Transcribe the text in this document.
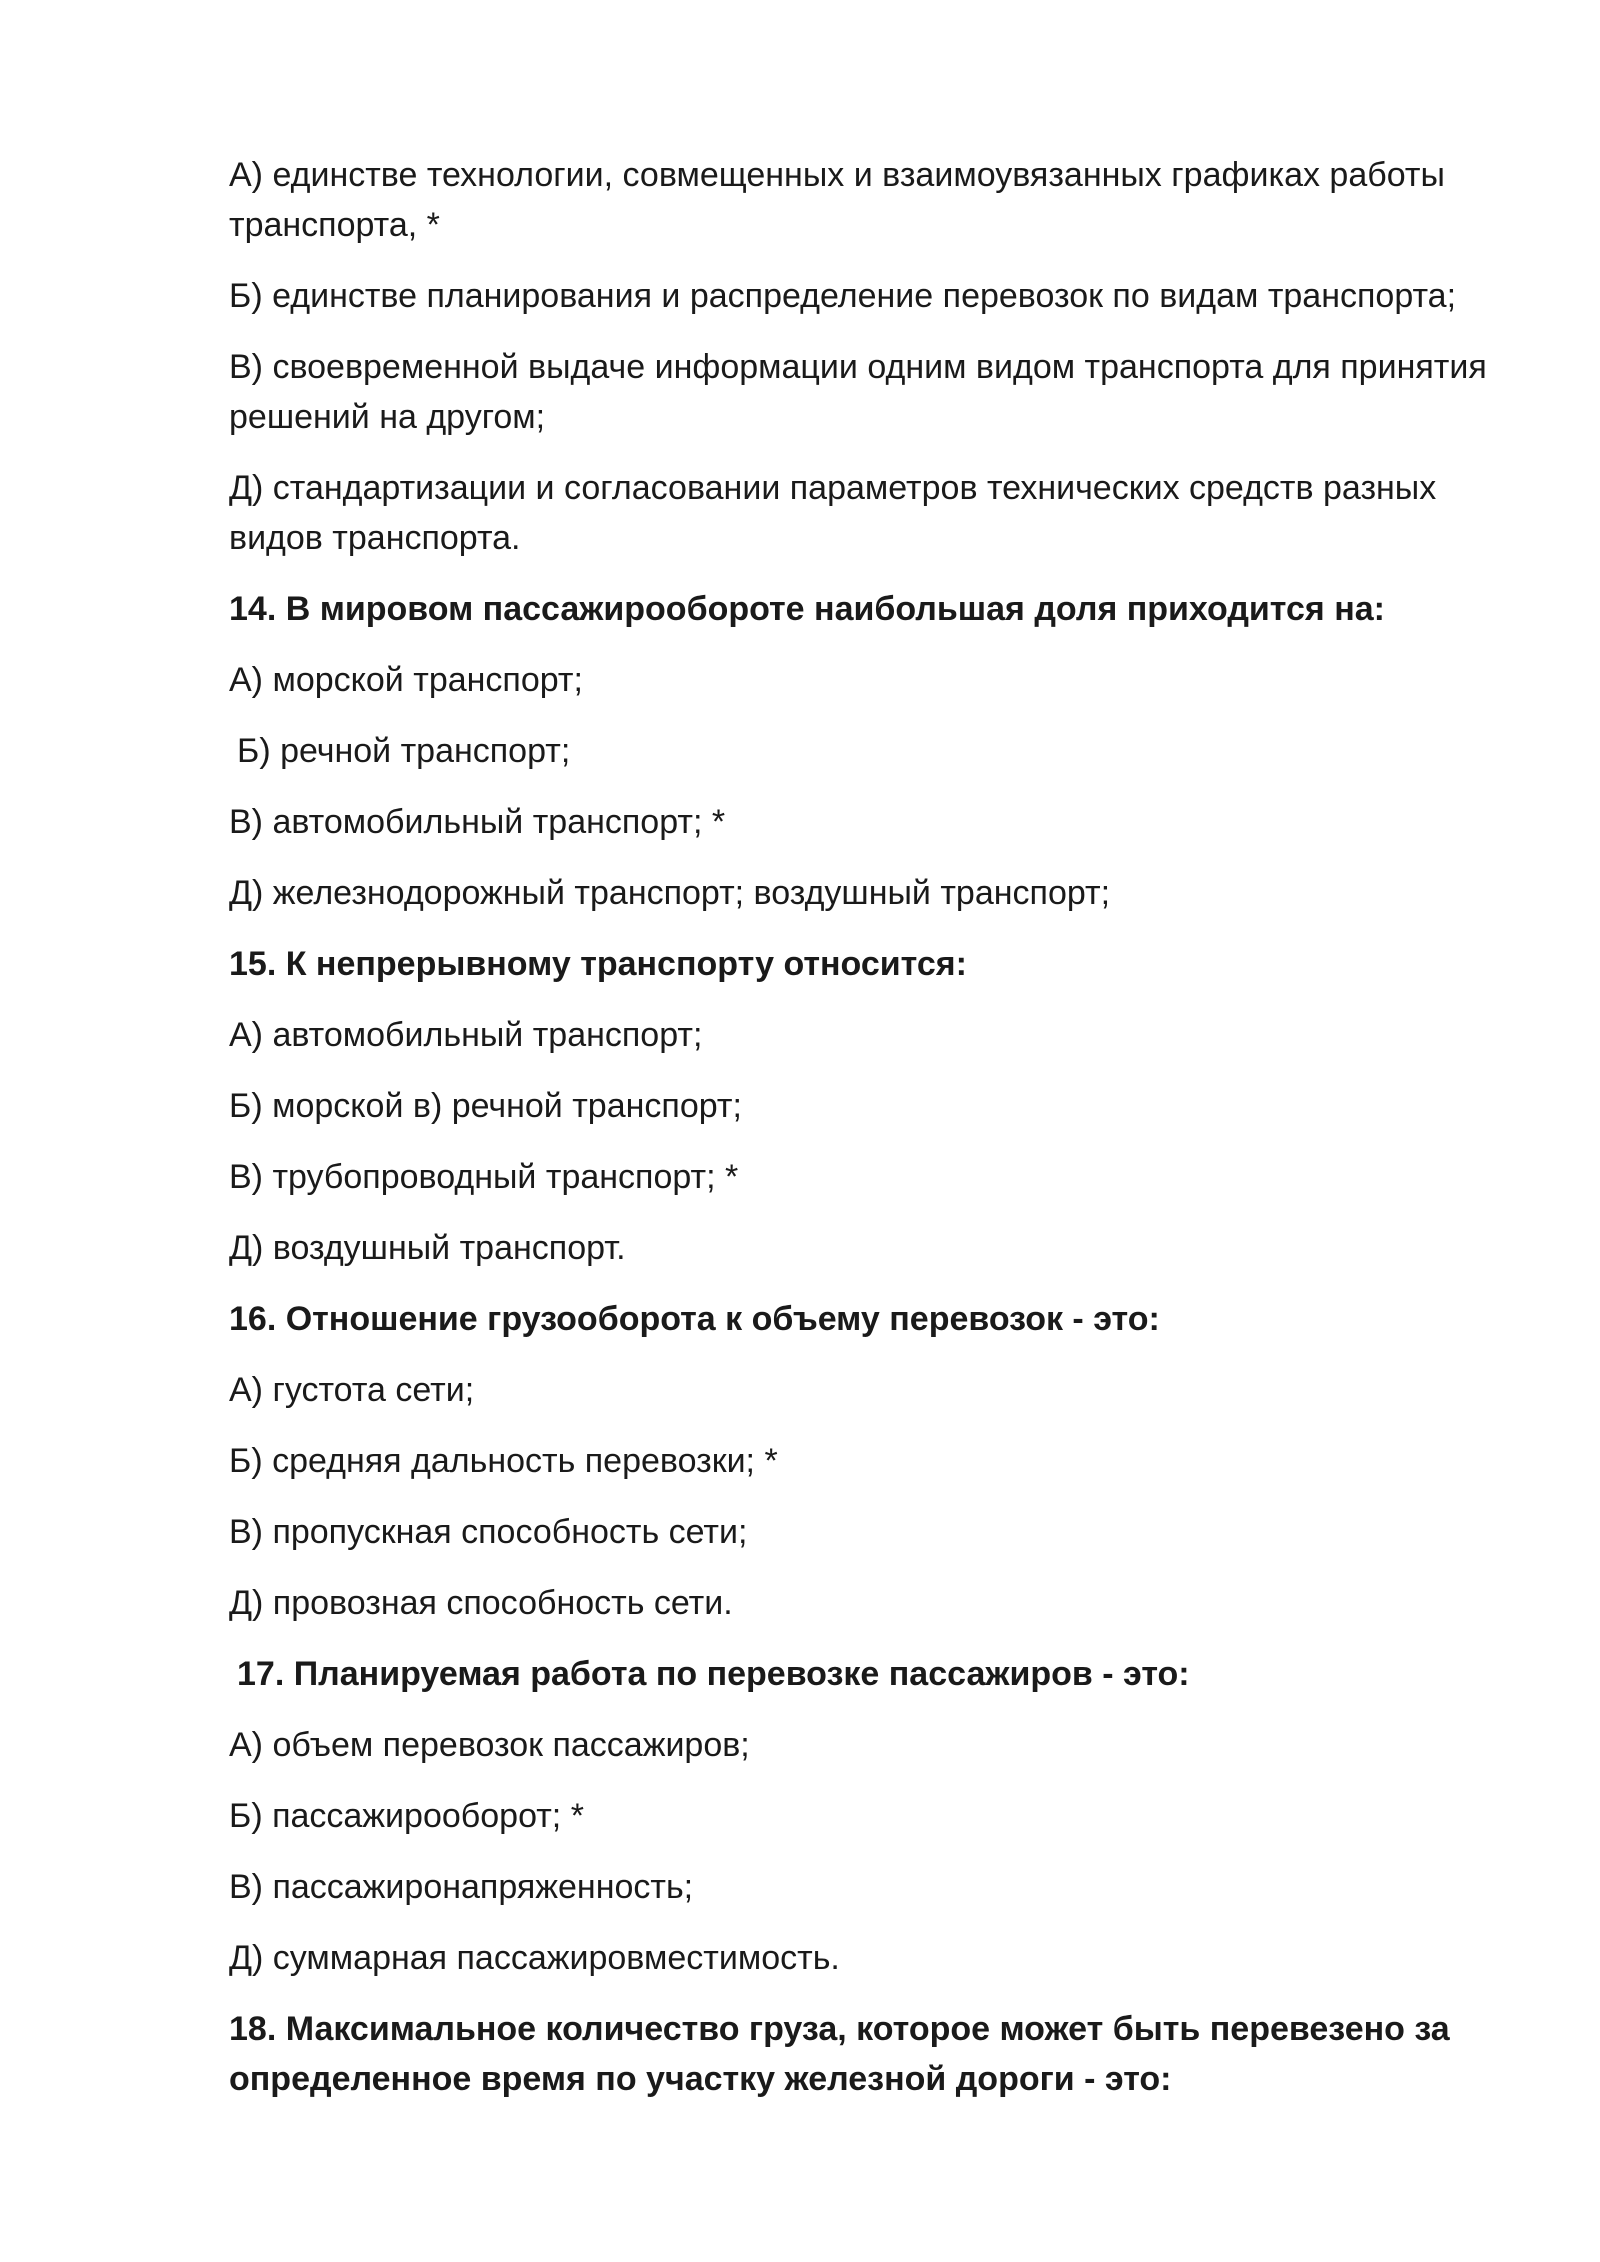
А) единстве технологии, совмещенных и взаимоувязанных графиках работы транспорта, *

Б) единстве планирования и распределение перевозок по видам транспорта;

В) своевременной выдаче информации одним видом транспорта для принятия решений на другом;

Д) стандартизации и согласовании параметров технических средств разных видов транспорта.

14. В мировом пассажирообороте наибольшая доля приходится на:

А) морской транспорт;

Б) речной транспорт;

В) автомобильный транспорт; *

Д) железнодорожный транспорт; воздушный транспорт;

15. К непрерывному транспорту относится:

А) автомобильный транспорт;

Б) морской в) речной транспорт;

В) трубопроводный транспорт; *

Д) воздушный транспорт.

16. Отношение грузооборота к объему перевозок - это:

А) густота сети;

Б) средняя дальность перевозки; *

В) пропускная способность сети;

Д) провозная способность сети.

17. Планируемая работа по перевозке пассажиров - это:

А) объем перевозок пассажиров;

Б) пассажирооборот; *

В) пассажиронапряженность;

Д) суммарная пассажировместимость.

18. Максимальное количество груза, которое может быть перевезено за определенное время по участку железной дороги - это:
